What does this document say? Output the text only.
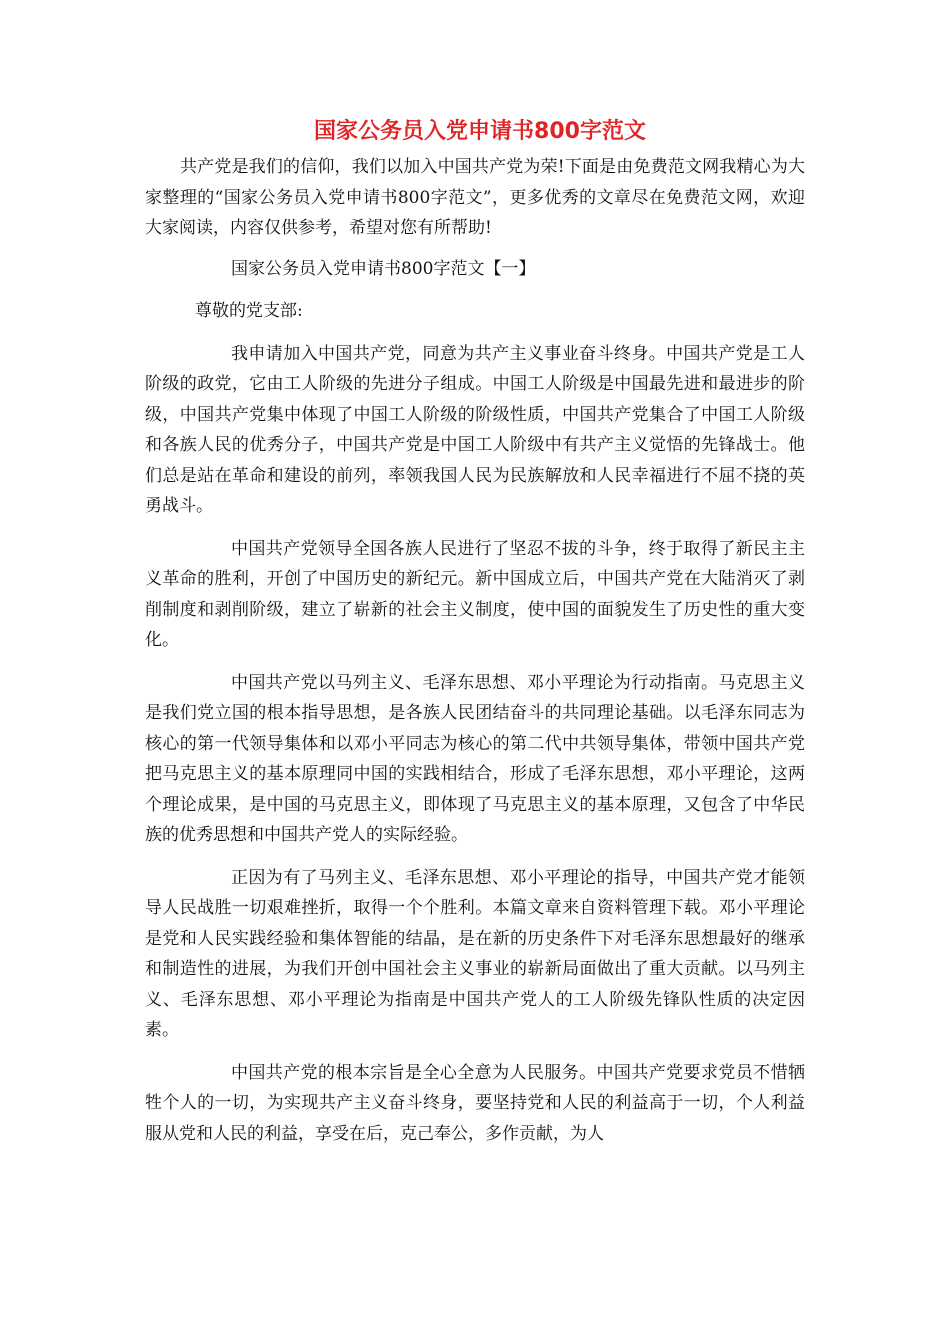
国家公务员入党申请书800字范文

共产党是我们的信仰，我们以加入中国共产党为荣!下面是由免费范文网我精心为大家整理的“国家公务员入党申请书800字范文”，更多优秀的文章尽在免费范文网，欢迎大家阅读，内容仅供参考，希望对您有所帮助!

国家公务员入党申请书800字范文【一】

尊敬的党支部:

我申请加入中国共产党，同意为共产主义事业奋斗终身。中国共产党是工人阶级的政党，它由工人阶级的先进分子组成。中国工人阶级是中国最先进和最进步的阶级，中国共产党集中体现了中国工人阶级的阶级性质，中国共产党集合了中国工人阶级和各族人民的优秀分子，中国共产党是中国工人阶级中有共产主义觉悟的先锋战士。他们总是站在革命和建设的前列，率领我国人民为民族解放和人民幸福进行不屈不挠的英勇战斗。

中国共产党领导全国各族人民进行了坚忍不拔的斗争，终于取得了新民主主义革命的胜利，开创了中国历史的新纪元。新中国成立后，中国共产党在大陆消灭了剥削制度和剥削阶级，建立了崭新的社会主义制度，使中国的面貌发生了历史性的重大变化。

中国共产党以马列主义、毛泽东思想、邓小平理论为行动指南。马克思主义是我们党立国的根本指导思想，是各族人民团结奋斗的共同理论基础。以毛泽东同志为核心的第一代领导集体和以邓小平同志为核心的第二代中共领导集体，带领中国共产党把马克思主义的基本原理同中国的实践相结合，形成了毛泽东思想，邓小平理论，这两个理论成果，是中国的马克思主义，即体现了马克思主义的基本原理，又包含了中华民族的优秀思想和中国共产党人的实际经验。

正因为有了马列主义、毛泽东思想、邓小平理论的指导，中国共产党才能领导人民战胜一切艰难挫折，取得一个个胜利。本篇文章来自资料管理下载。邓小平理论是党和人民实践经验和集体智能的结晶，是在新的历史条件下对毛泽东思想最好的继承和制造性的进展，为我们开创中国社会主义事业的崭新局面做出了重大贡献。以马列主义、毛泽东思想、邓小平理论为指南是中国共产党人的工人阶级先锋队性质的决定因素。

中国共产党的根本宗旨是全心全意为人民服务。中国共产党要求党员不惜牺牲个人的一切，为实现共产主义奋斗终身，要坚持党和人民的利益高于一切，个人利益服从党和人民的利益，享受在后，克己奉公，多作贡献，为人
